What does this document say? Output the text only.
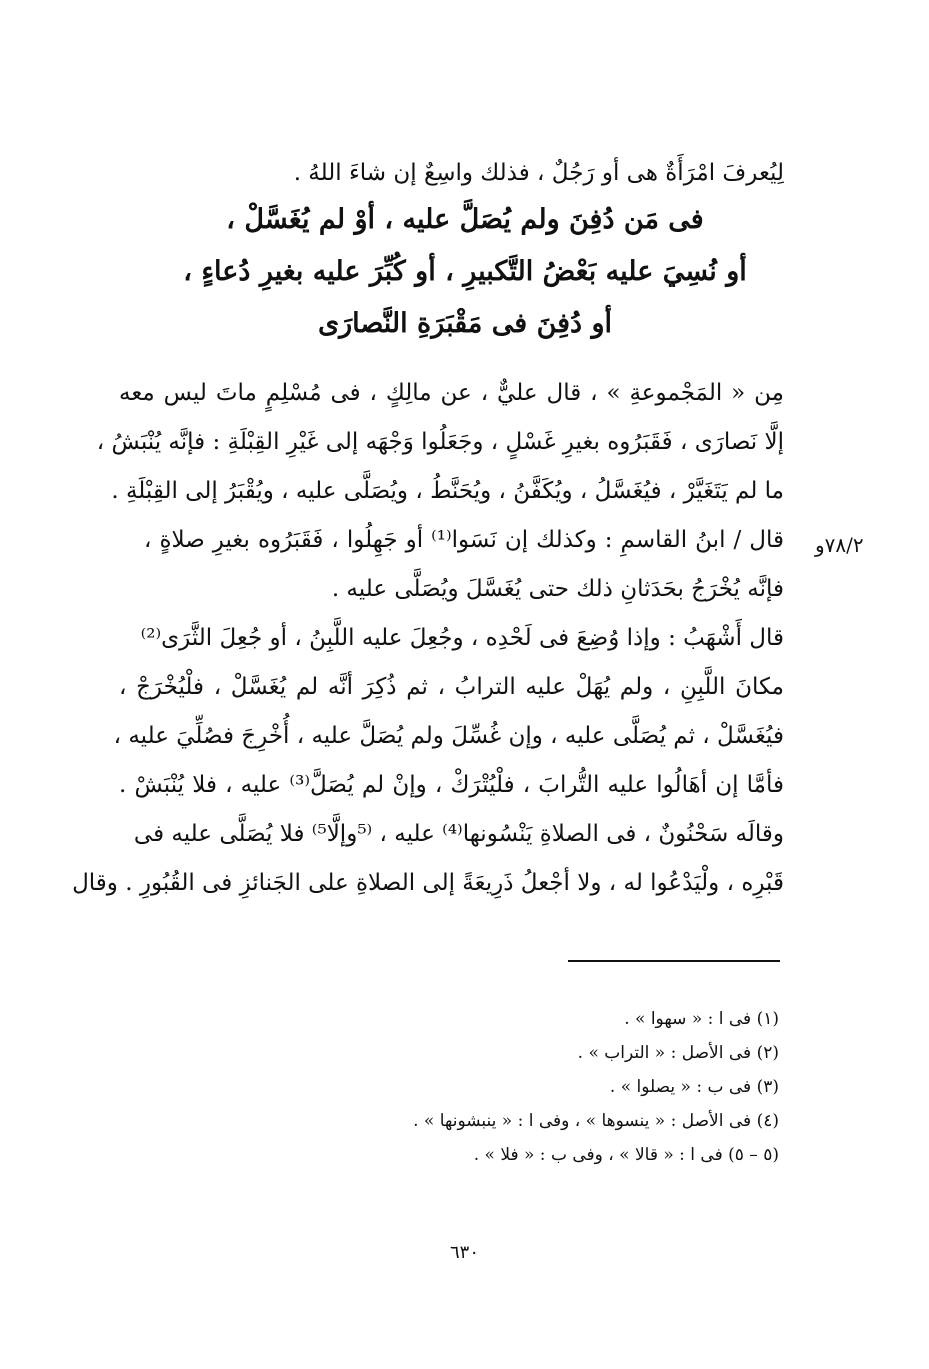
لِيُعرفَ امْرَأَةٌ هى أو رَجُلٌ ، فذلك واسِعٌ إن شاءَ اللهُ .
فى مَن دُفِنَ ولم يُصَلَّ عليه ، أوْ لم يُغَسَّلْ ،
أو نُسِيَ عليه بَعْضُ التَّكبيرِ ، أو كُبِّرَ عليه بغيرِ دُعاءٍ ،
أو دُفِنَ فى مَقْبَرَةِ النَّصارَى
مِن « المَجْموعةِ » ، قال عليٌّ ، عن مالِكٍ ، فى مُسْلِمٍ ماتَ ليس معه
إلَّا نَصارَى ، فَقَبَرُوه بغيرِ غَسْلٍ ، وجَعَلُوا وَجْهَه إلى غَيْرِ القِبْلَةِ : فإنَّه يُنْبَشُ ،
ما لم يَتَغَيَّرْ ، فيُغَسَّلُ ، ويُكَفَّنُ ، ويُحَنَّطُ ، ويُصَلَّى عليه ، ويُقْبَرُ إلى القِبْلَةِ .
٧٨/٢و
قال / ابنُ القاسمِ : وكذلك إن نَسَوا⁽¹⁾ أو جَهِلُوا ، فَقَبَرُوه بغيرِ صلاةٍ ،
فإنَّه يُخْرَجُ بحَدَثانِ ذلك حتى يُغَسَّلَ ويُصَلَّى عليه .
قال أَشْهَبُ : وإذا وُضِعَ فى لَحْدِه ، وجُعِلَ عليه اللَّبِنُ ، أو جُعِلَ الثَّرَى⁽²⁾
مكانَ اللَّبِنِ ، ولم يُهَلْ عليه الترابُ ، ثم ذُكِرَ أنَّه لم يُغَسَّلْ ، فلْيُخْرَجْ ،
فيُغَسَّلْ ، ثم يُصَلَّى عليه ، وإن غُسِّلَ ولم يُصَلَّ عليه ، أُخْرِجَ فصُلِّيَ عليه ،
فأمَّا إن أهَالُوا عليه التُّرابَ ، فلْيُتْرَكْ ، وإنْ لم يُصَلَّ⁽³⁾ عليه ، فلا يُنْبَشْ .
وقالَه سَحْنُونٌ ، فى الصلاةِ يَنْسُونها⁽⁴⁾ عليه ، ⁽⁵وإلَّا⁵⁾ فلا يُصَلَّى عليه فى
قَبْرِه ، ولْيَدْعُوا له ، ولا أجْعلُ ذَرِيعَةً إلى الصلاةِ على الجَنائزِ فى القُبُورِ . وقال
(١) فى ا : « سهوا » .
(٢) فى الأصل : « التراب » .
(٣) فى ب : « يصلوا » .
(٤) فى الأصل : « ينسوها » ، وفى ا : « ينبشونها » .
(٥ – ٥) فى ا : « قالا » ، وفى ب : « فلا » .
٦٣٠
